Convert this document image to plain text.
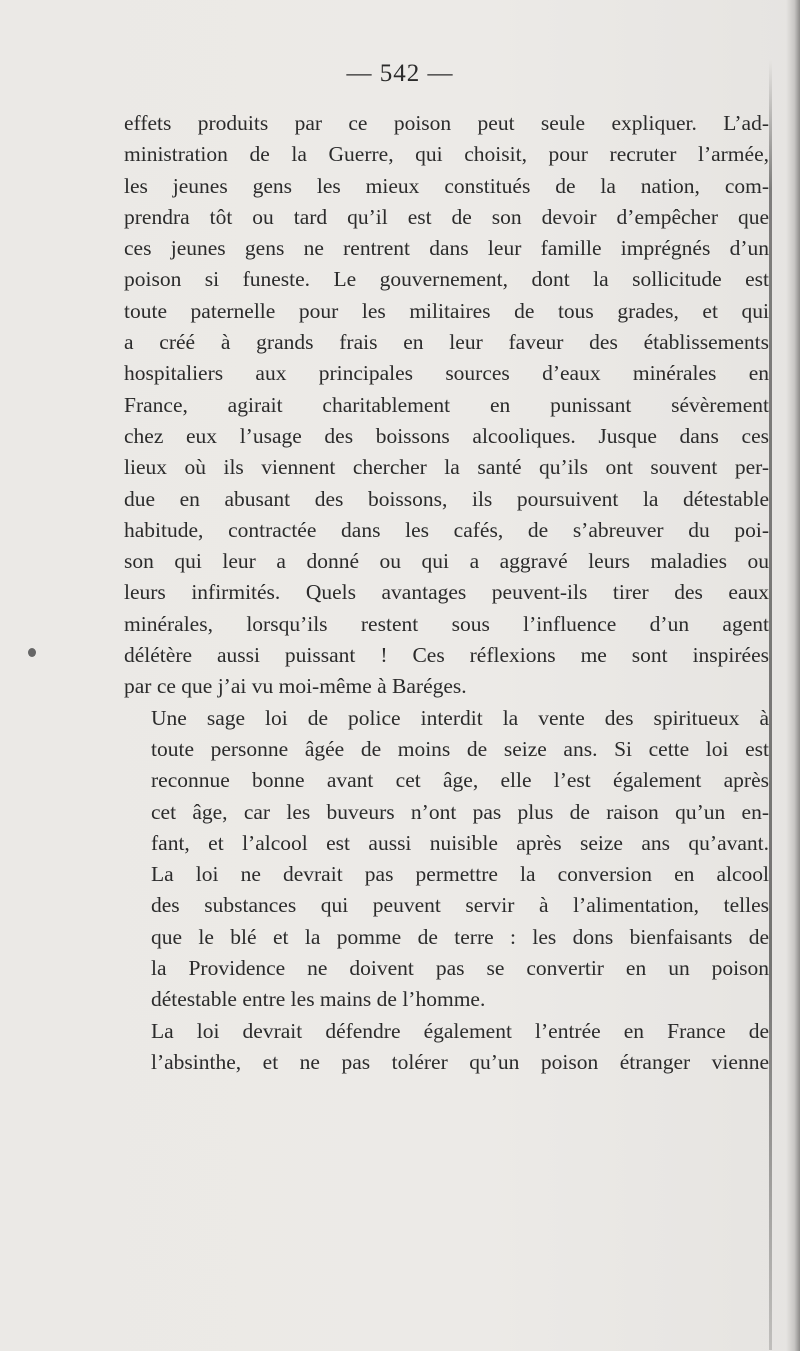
— 542 —

effets produits par ce poison peut seule expliquer. L’ad-
ministration de la Guerre, qui choisit, pour recruter l’armée,
les jeunes gens les mieux constitués de la nation, com-
prendra tôt ou tard qu’il est de son devoir d’empêcher que
ces jeunes gens ne rentrent dans leur famille imprégnés d’un
poison si funeste. Le gouvernement, dont la sollicitude est
toute paternelle pour les militaires de tous grades, et qui
a créé à grands frais en leur faveur des établissements
hospitaliers aux principales sources d’eaux minérales en
France, agirait charitablement en punissant sévèrement
chez eux l’usage des boissons alcooliques. Jusque dans ces
lieux où ils viennent chercher la santé qu’ils ont souvent per-
due en abusant des boissons, ils poursuivent la détestable
habitude, contractée dans les cafés, de s’abreuver du poi-
son qui leur a donné ou qui a aggravé leurs maladies ou
leurs infirmités. Quels avantages peuvent-ils tirer des eaux
minérales, lorsqu’ils restent sous l’influence d’un agent
délétère aussi puissant ! Ces réflexions me sont inspirées
par ce que j’ai vu moi-même à Baréges.

Une sage loi de police interdit la vente des spiritueux à
toute personne âgée de moins de seize ans. Si cette loi est
reconnue bonne avant cet âge, elle l’est également après
cet âge, car les buveurs n’ont pas plus de raison qu’un en-
fant, et l’alcool est aussi nuisible après seize ans qu’avant.
La loi ne devrait pas permettre la conversion en alcool
des substances qui peuvent servir à l’alimentation, telles
que le blé et la pomme de terre : les dons bienfaisants de
la Providence ne doivent pas se convertir en un poison
détestable entre les mains de l’homme.

La loi devrait défendre également l’entrée en France de
l’absinthe, et ne pas tolérer qu’un poison étranger vienne
